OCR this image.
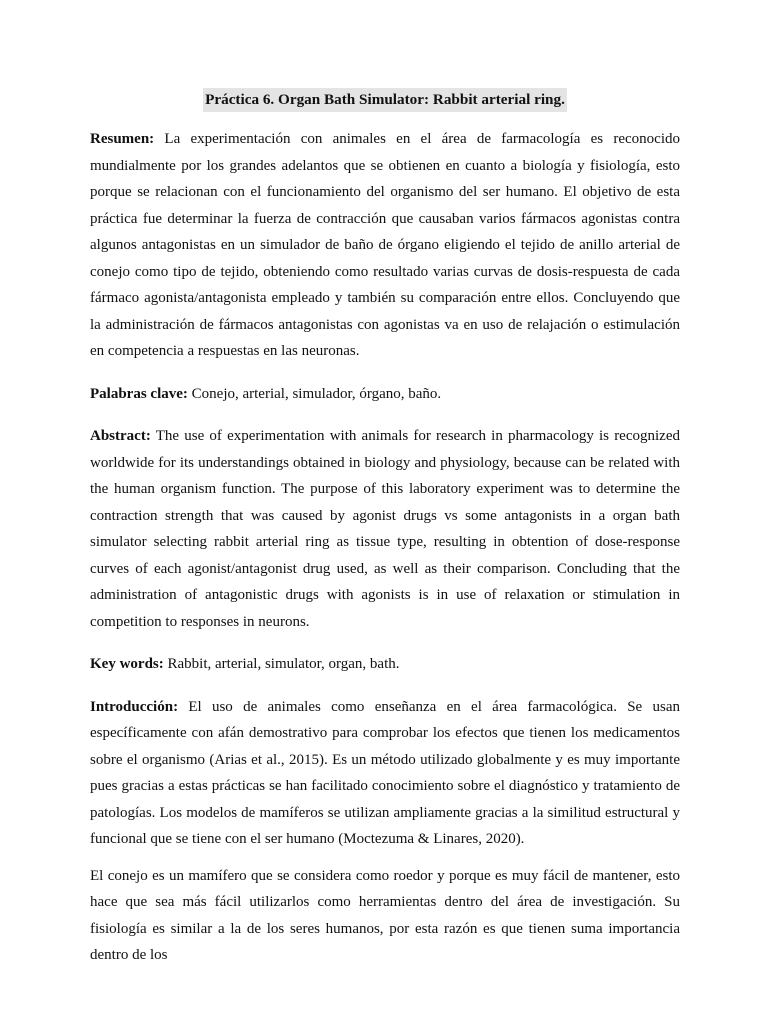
Práctica 6. Organ Bath Simulator: Rabbit arterial ring.

Resumen: La experimentación con animales en el área de farmacología es reconocido mundialmente por los grandes adelantos que se obtienen en cuanto a biología y fisiología, esto porque se relacionan con el funcionamiento del organismo del ser humano. El objetivo de esta práctica fue determinar la fuerza de contracción que causaban varios fármacos agonistas contra algunos antagonistas en un simulador de baño de órgano eligiendo el tejido de anillo arterial de conejo como tipo de tejido, obteniendo como resultado varias curvas de dosis-respuesta de cada fármaco agonista/antagonista empleado y también su comparación entre ellos. Concluyendo que la administración de fármacos antagonistas con agonistas va en uso de relajación o estimulación en competencia a respuestas en las neuronas.

Palabras clave: Conejo, arterial, simulador, órgano, baño.

Abstract: The use of experimentation with animals for research in pharmacology is recognized worldwide for its understandings obtained in biology and physiology, because can be related with the human organism function. The purpose of this laboratory experiment was to determine the contraction strength that was caused by agonist drugs vs some antagonists in a organ bath simulator selecting rabbit arterial ring as tissue type, resulting in obtention of dose-response curves of each agonist/antagonist drug used, as well as their comparison. Concluding that the administration of antagonistic drugs with agonists is in use of relaxation or stimulation in competition to responses in neurons.

Key words: Rabbit, arterial, simulator, organ, bath.

Introducción: El uso de animales como enseñanza en el área farmacológica. Se usan específicamente con afán demostrativo para comprobar los efectos que tienen los medicamentos sobre el organismo (Arias et al., 2015). Es un método utilizado globalmente y es muy importante pues gracias a estas prácticas se han facilitado conocimiento sobre el diagnóstico y tratamiento de patologías. Los modelos de mamíferos se utilizan ampliamente gracias a la similitud estructural y funcional que se tiene con el ser humano (Moctezuma & Linares, 2020).

El conejo es un mamífero que se considera como roedor y porque es muy fácil de mantener, esto hace que sea más fácil utilizarlos como herramientas dentro del área de investigación. Su fisiología es similar a la de los seres humanos, por esta razón es que tienen suma importancia dentro de los
